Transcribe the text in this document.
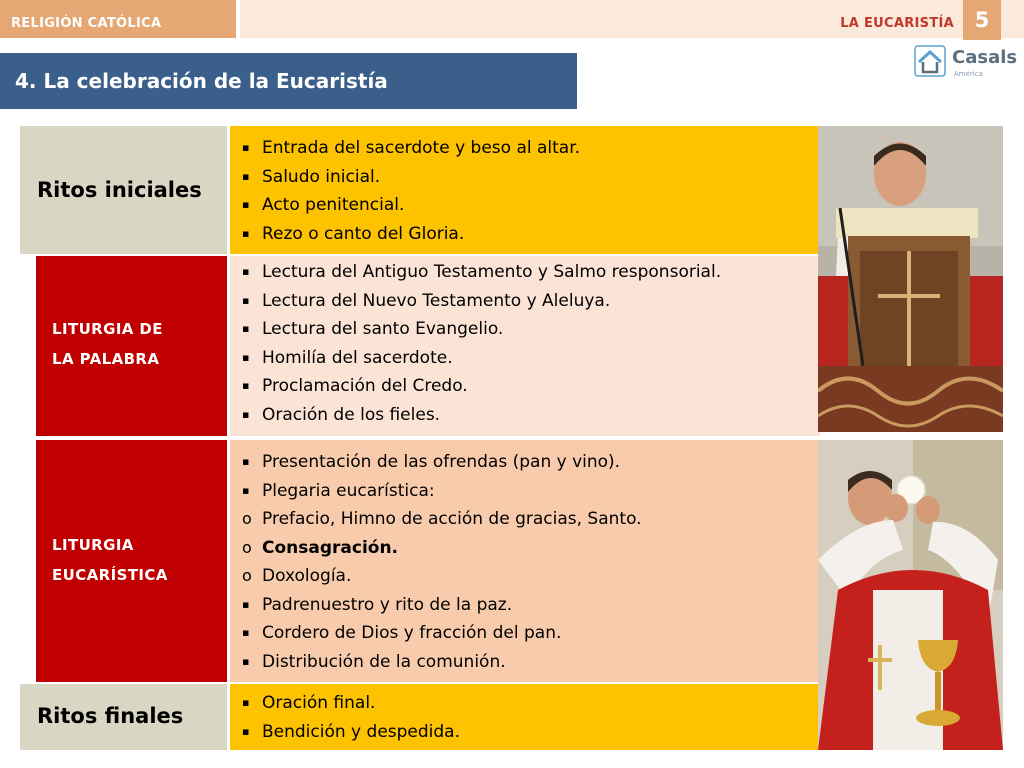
RELIGIÓN CATÓLICA	LA EUCARISTÍA 5
4. La celebración de la Eucaristía
Casals
América
Ritos iniciales
▪ Entrada del sacerdote y beso al altar.
▪ Saludo inicial.
▪ Acto penitencial.
▪ Rezo o canto del Gloria.
LITURGIA DE
LA PALABRA
▪ Lectura del Antiguo Testamento y Salmo responsorial.
▪ Lectura del Nuevo Testamento y Aleluya.
▪ Lectura del santo Evangelio.
▪ Homilía del sacerdote.
▪ Proclamación del Credo.
▪ Oración de los fieles.
LITURGIA
EUCARÍSTICA
▪ Presentación de las ofrendas (pan y vino).
▪ Plegaria eucarística:
o Prefacio, Himno de acción de gracias, Santo.
o Consagración.
o Doxología.
▪ Padrenuestro y rito de la paz.
▪ Cordero de Dios y fracción del pan.
▪ Distribución de la comunión.
Ritos finales
▪ Oración final.
▪ Bendición y despedida.
